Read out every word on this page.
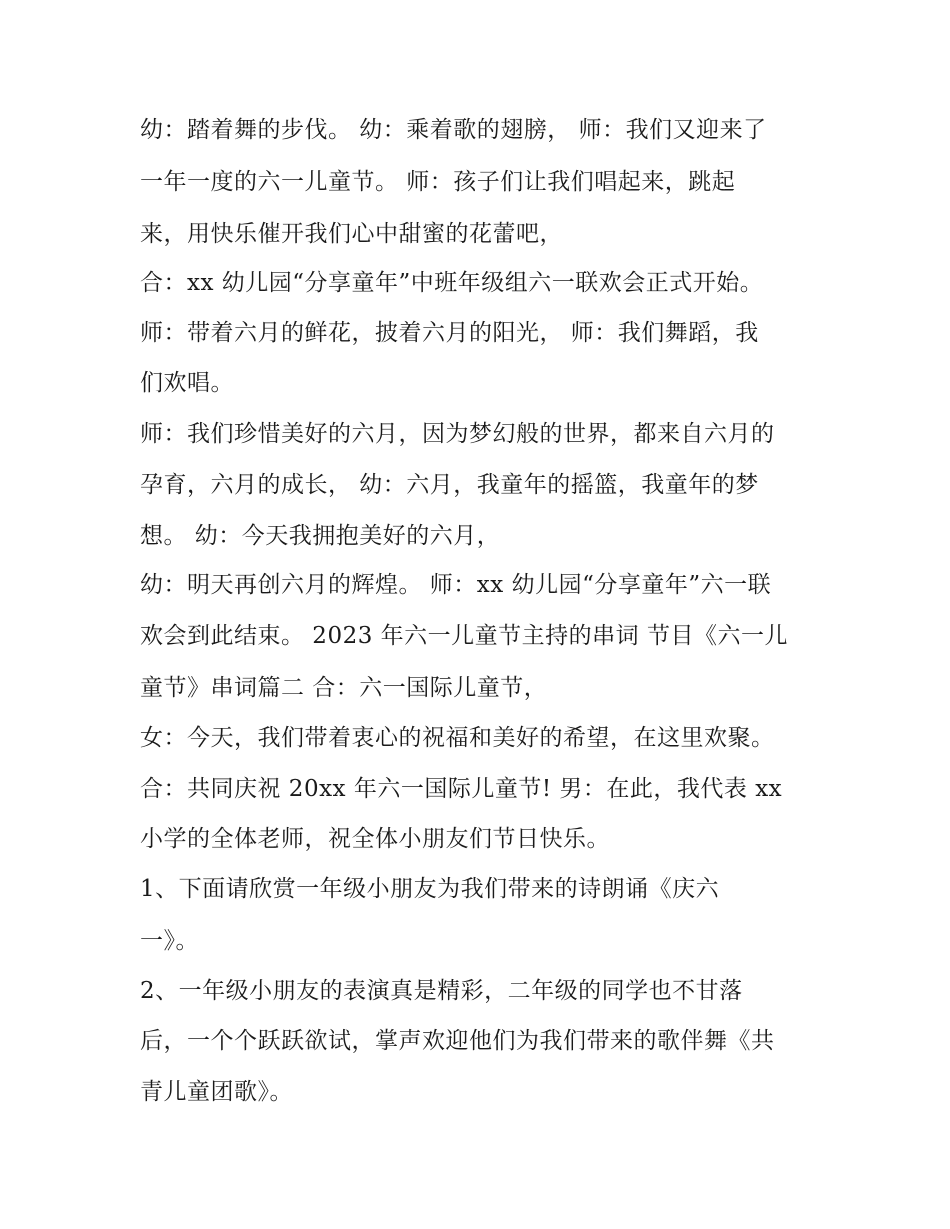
幼：踏着舞的步伐。 幼：乘着歌的翅膀， 师：我们又迎来了

一年一度的六一儿童节。 师：孩子们让我们唱起来，跳起

来，用快乐催开我们心中甜蜜的花蕾吧，

合：xx 幼儿园“分享童年”中班年级组六一联欢会正式开始。

师：带着六月的鲜花，披着六月的阳光， 师：我们舞蹈，我

们欢唱。

师：我们珍惜美好的六月，因为梦幻般的世界，都来自六月的

孕育，六月的成长， 幼：六月，我童年的摇篮，我童年的梦

想。 幼：今天我拥抱美好的六月，

幼：明天再创六月的辉煌。 师：xx 幼儿园“分享童年”六一联

欢会到此结束。 2023 年六一儿童节主持的串词 节目《六一儿

童节》串词篇二 合：六一国际儿童节，

女：今天，我们带着衷心的祝福和美好的希望，在这里欢聚。

合：共同庆祝 20xx 年六一国际儿童节! 男：在此，我代表 xx

小学的全体老师，祝全体小朋友们节日快乐。

1、下面请欣赏一年级小朋友为我们带来的诗朗诵《庆六

一》。

2、一年级小朋友的表演真是精彩，二年级的同学也不甘落

后，一个个跃跃欲试，掌声欢迎他们为我们带来的歌伴舞《共

青儿童团歌》。
